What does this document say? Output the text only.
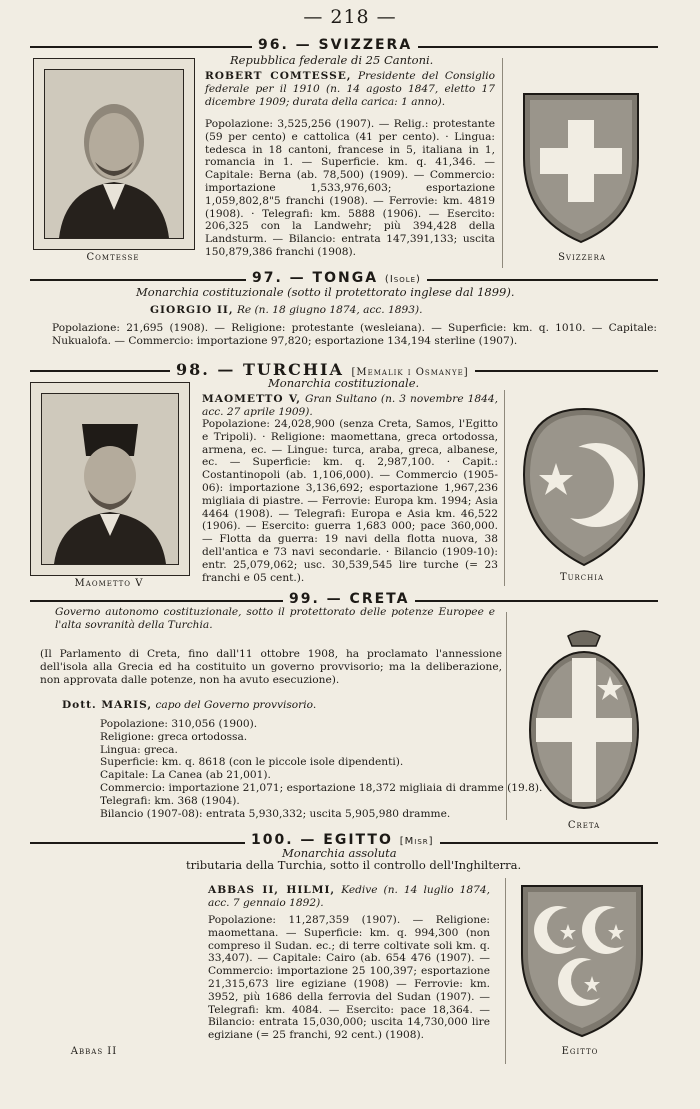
— 218 —
96. — SVIZZERA
Repubblica federale di 25 Cantoni.
Comtesse

ROBERT COMTESSE, Presidente del Consiglio federale per il 1910 (n. 14 agosto 1847, eletto 17 dicembre 1909; durata della carica: 1 anno).

Popolazione: 3,525,256 (1907). — Relig.: protestante (59 per cento) e cattolica (41 per cento). · Lingua: tedesca in 18 cantoni, francese in 5, italiana in 1, romancia in 1. — Superficie. km. q. 41,346. — Capitale: Berna (ab. 78,500) (1909). — Commercio: importazione 1,533,976,603; esportazione 1,059,802,8"5 franchi (1908). — Ferrovie: km. 4819 (1908). · Telegrafi: km. 5888 (1906). — Esercito: 206,325 con la Landwehr; più 394,428 della Landsturm. — Bilancio: entrata 147,391,133; uscita 150,879,386 franchi (1908).	Svizzera
97. — TONGA (Isole)
Monarchia costituzionale (sotto il protettorato inglese dal 1899).

GIORGIO II, Re (n. 18 giugno 1874, acc. 1893).

Popolazione: 21,695 (1908). — Religione: protestante (wesleiana). — Superficie: km. q. 1010. — Capitale: Nukualofa. — Commercio: importazione 97,820; esportazione 134,194 sterline (1907).

98. — TURCHIA [Memalik i Osmanye]
Monarchia costituzionale.
Maometto V

MAOMETTO V, Gran Sultano (n. 3 novembre 1844, acc. 27 aprile 1909).

Popolazione: 24,028,900 (senza Creta, Samos, l'Egitto e Tripoli). · Religione: maomettana, greca ortodossa, armena, ec. — Lingue: turca, araba, greca, albanese, ec. — Superficie: km. q. 2,987,100. · Capit.: Costantinopoli (ab. 1,106,000). — Commercio (1905-06): importazione 3,136,692; esportazione 1,967,236 migliaia di piastre. — Ferrovie: Europa km. 1994; Asia 4464 (1908). — Telegrafi: Europa e Asia km. 46,522 (1906). — Esercito: guerra 1,683 000; pace 360,000. — Flotta da guerra: 19 navi della flotta nuova, 38 dell'antica e 73 navi secondarie. · Bilancio (1909-10): entr. 25,079,062; usc. 30,539,545 lire turche (= 23 franchi e 05 cent.).	Turchia
99. — CRETA

Governo autonomo costituzionale, sotto il protettorato delle potenze Europee e l'alta sovranità della Turchia.

(Il Parlamento di Creta, fino dall'11 ottobre 1908, ha proclamato l'annessione dell'isola alla Grecia ed ha costituito un governo provvisorio; ma la deliberazione, non approvata dalle potenze, non ha avuto esecuzione).

Dott. MARIS, capo del Governo provvisorio.

Popolazione: 310,056 (1900).
Religione: greca ortodossa.
Lingua: greca.
Superficie: km. q. 8618 (con le piccole isole dipendenti).
Capitale: La Canea (ab 21,001).
Commercio: importazione 21,071; esportazione 18,372 migliaia di dramme (19.8).
Telegrafi: km. 368 (1904).
Bilancio (1907-08): entrata 5,930,332; uscita 5,905,980 dramme.
Creta
100. — EGITTO [Misr]
Monarchia assoluta
tributaria della Turchia, sotto il controllo dell'Inghilterra.

ABBAS II, HILMI, Kedive (n. 14 luglio 1874, acc. 7 gennaio 1892).

Popolazione: 11,287,359 (1907). — Religione: maomettana. — Superficie: km. q. 994,300 (non compreso il Sudan. ec.; di terre coltivate soli km. q. 33,407). — Capitale: Cairo (ab. 654 476 (1907). — Commercio: importazione 25 100,397; esportazione 21,315,673 lire egiziane (1908) — Ferrovie: km. 3952, più 1686 della ferrovia del Sudan (1907). — Telegrafi: km. 4084. — Esercito: pace 18,364. — Bilancio: entrata 15,030,000; uscita 14,730,000 lire egiziane (= 25 franchi, 92 cent.) (1908).

Abbas II	Egitto
